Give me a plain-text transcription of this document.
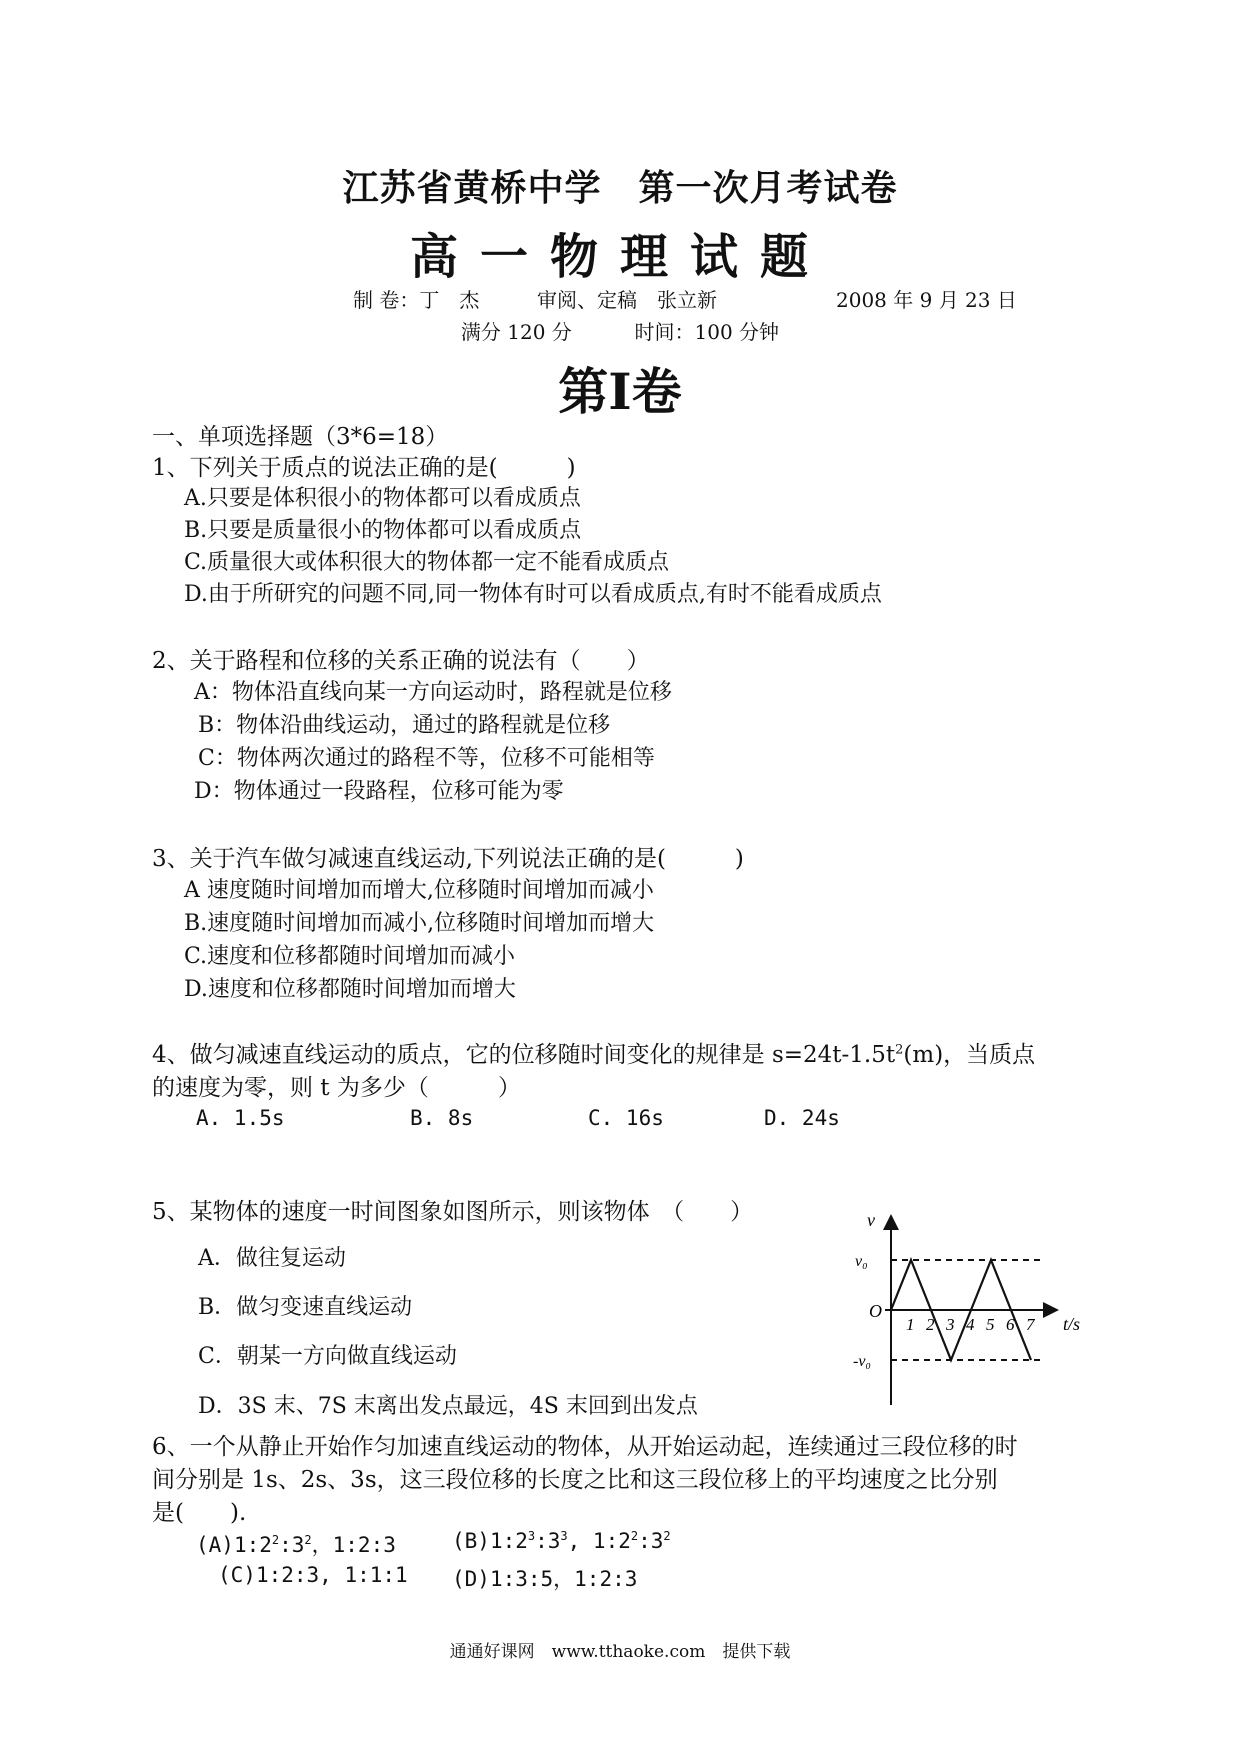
江苏省黄桥中学　第一次月考试卷
高一物理试题
制 卷：丁　杰	审阅、定稿　张立新	2008 年 9 月 23 日
满分 120 分	时间：100 分钟
第Ⅰ卷
一、单项选择题（3*6=18）
1、下列关于质点的说法正确的是(　　　)
A.只要是体积很小的物体都可以看成质点
B.只要是质量很小的物体都可以看成质点
C.质量很大或体积很大的物体都一定不能看成质点
D.由于所研究的问题不同,同一物体有时可以看成质点,有时不能看成质点
2、关于路程和位移的关系正确的说法有（　　）
A：物体沿直线向某一方向运动时，路程就是位移
B：物体沿曲线运动，通过的路程就是位移
C：物体两次通过的路程不等，位移不可能相等
D：物体通过一段路程，位移可能为零
3、关于汽车做匀减速直线运动,下列说法正确的是(　　　)
A 速度随时间增加而增大,位移随时间增加而减小
B.速度随时间增加而减小,位移随时间增加而增大
C.速度和位移都随时间增加而减小
D.速度和位移都随时间增加而增大
4、做匀减速直线运动的质点，它的位移随时间变化的规律是 $s=24t-1.5t^2(m)$，当质点
的速度为零，则 t 为多少（　　　）
A. 1.5s	B. 8s	C. 16s	D. 24s
5、某物体的速度一时间图象如图所示，则该物体　（　　）
A．做往复运动
B．做匀变速直线运动
C．朝某一方向做直线运动
D．3S 末、7S 末离出发点最远，4S 末回到出发点
v
v₀
-v₀
O
1 2 3 4 5 6 7 t/s
6、一个从静止开始作匀加速直线运动的物体，从开始运动起，连续通过三段位移的时
间分别是 1s、2s、3s，这三段位移的长度之比和这三段位移上的平均速度之比分别
是(　　).
$(A)1:2^2:3^2$，1:2:3	$(B)1:2^3:3^3$, $1:2^2:3^2$
(C)1:2:3, 1:1:1 (D)1:3:5，1:2:3
通通好课网　www.tthaoke.com　提供下载
